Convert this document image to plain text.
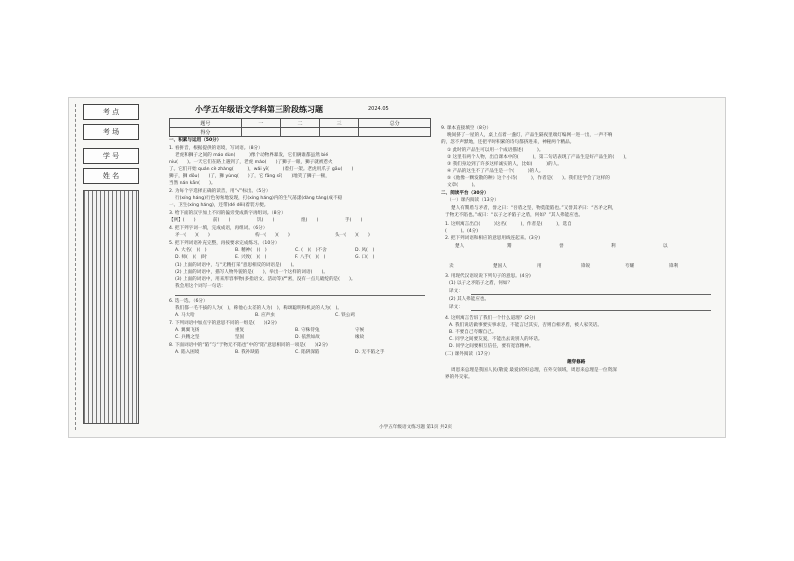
考 点
考 场
学 号
姓 名
小学五年级语文学科第三阶段练习题	2024.05
题号	一	二	三	总分
得分				
一、积累与运用（50分）
1. 看拼音，根据提供的语境，写词语。（8分）
老虎和狮子之间的 máo dùn(　　　)像个动物界暴发，它们俩谁都虽然 bié
niu(　　)。一天它们在路上遇到了，老虎 máo(　　)了狮子一眼，狮子就被惹火
了。它们开始 quán cè zhàng(　　　)，wǎi yī(　　　)着打一架。老虎用爪子 gāu(　　)
狮子，狮 dōu(　　)了，狮 yùnq(　　)了，它 fāng sī(　　)地笑了狮子一顿，
当然 nán kān(　　)。
2. 为每个字选择正确的读音，用“√”标出。（5分）
行(xíng háng)行色匆匆地发现，打(xíng háng)内的生气荡漾(dàng táng)成不稳
一、卫生(xíng háng)，还带(dé děi)着装方便。
3. 给下面的汉字加上不同的偏旁变成新字再组词。（8分）
【例】(　　)	前(　　)	饥(　　)	煌(　　)	手(　　)
4. 把下列字词一填，完成成语，再组词。（6分）
矛一(　　)(　　)	构一(　　)(　　)	头一(　　)(　　)
5. 把下列词语补充完整，再按要求完成练习。（10分）
A. 大名(　)(　)	B. 精神(　)(　)	C. (　)(　)不舍	D. 风(　)
D. 师(　)(　)时	E. 兴致(　)(　)	F. 八手(　)(　)	G. 口(　)
(1) 上面的词语中，与“无精打采”意思相反的词语是(　　)。
(2) 上面的词语中，描写人物外貌的是(　　)，举出一个这样的词语(　　)。
(3) 上面的词语中，用来形容事物(多指语文、活动等)严密，没有一点儿破绽的是(　　)。
我会用这个词写一句话：
6. 选一选。（6分）
我们都一毛不拔的人为(　)，称他心太差的人为(　)，称颂聪明和机灵的人为(　)。
A. 马大哈	B. 应声虫	C. 铁公鸡
7. 下列词语中加点字的意思不同的一组是(　　)(2分)
A. 翼翼飞扬	重复	B. 守株待兔	守候
C. 兵精之坚	坚固	D. 依然如故	缘故
8. 下面词语中的“陷”与“于物无不陷也”中的“陷”意思相同的一项是(　　)(2分)
A. 陷入困境	B. 我补缺陷	C. 陷阱深陷	D. 无不陷之手
9. 课本直接填空（8分）
晚间挤了一屋的人，桌上点着一盏灯，产品生隔夜里端灯编网一进一出，一声不响
的，忽不声默地，还把平时积累的诗句都挤进来，神秘两个精品。
① 此时的产品生可以用一个成语描述(　　　)。
② 这里有两个人物，出自课本中的(　　　)，第二句话表现了产品生是好产品生的(　　)，
③ 我们身边到了许多这样诚实的人，比如(　　　)的人。
④ 产品的这生不了产品生是一个(　　　)的人。
⑤《他像一颗发散的种》这个小诗(　　　)，作者是(　　)。我们还学会了这样的
文章(　　　)。
二、阅读平台（30分）
（一）课内阅读（13分）
楚人有鬻盾与矛者，誉之曰：“吾盾之坚，物莫能陷也。”又誉其矛曰：“吾矛之利，
于物无不陷也。”或曰：“以子之矛陷子之盾，何如？”其人弗能应也。
1. 这则寓言出自(　　　)这名(　　　)，作者是(　　　)，选自
(　　　)。(4分)
2. 把下列词语和相应的意思用线连起来。(3分)
楚人	鬻	誉	利	以
卖	楚国人	用	锋锐	夸耀	锋利
3. 用现代汉语说说下列句子的意思。(4分)
(1) 以子之矛陷子之盾，何如？
译文：
(2) 其人弗能应也。
译文：
4. 这则寓言告诉了我们一个什么道理？(2分)
A. 我们说话做事要实事求是，不能言过其实，否则自相矛盾，被人家笑话。
B. 不要自己夸耀自己。
C. 同学之间要友爱，不能出去说别人的坏话。
D. 同学之间要相互信任，要有宽容精神。
(二) 课外阅读（17分）
趣穿修路
周恩来总理是我国人民(敬爱 最爱)的好总理，在外交领域，周恩来总理是一位资深
界的外交家。
小学五年级语文练习题 第1页 共2页
